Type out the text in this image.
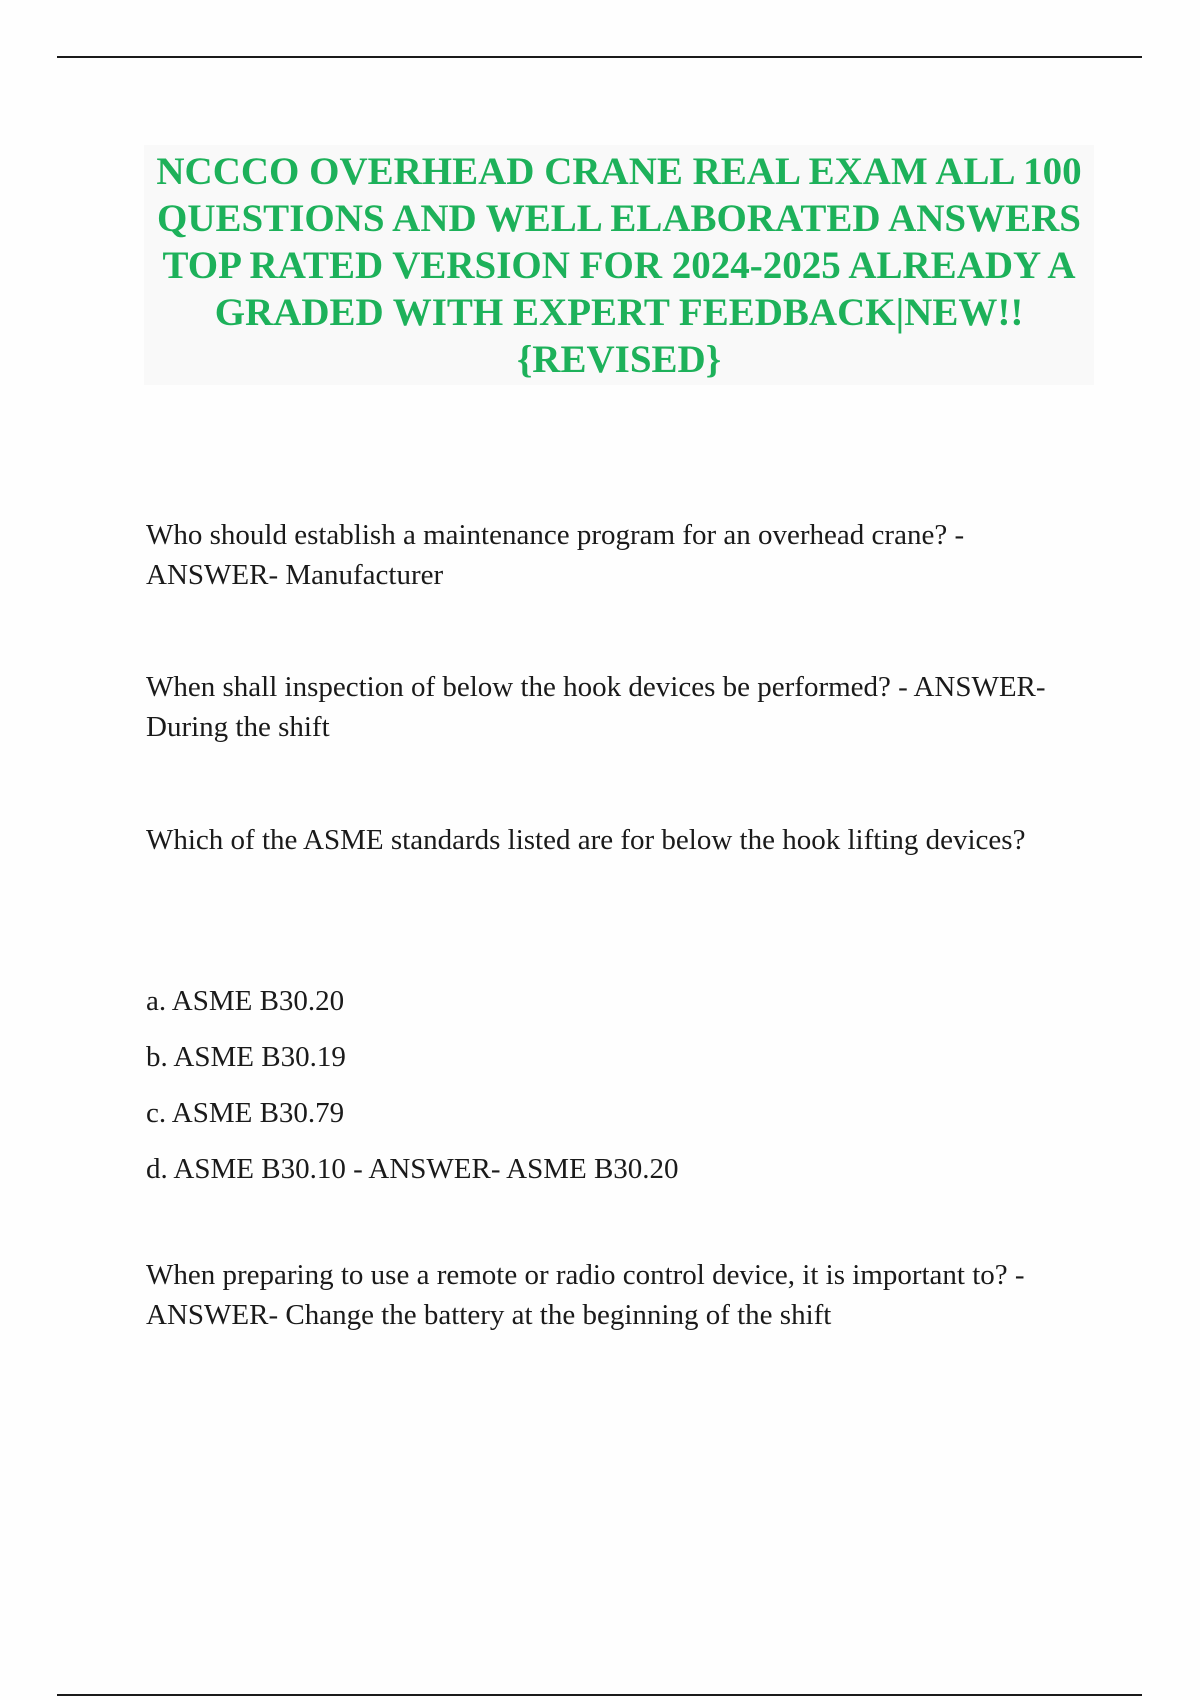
NCCCO OVERHEAD CRANE REAL EXAM ALL 100 QUESTIONS AND WELL ELABORATED ANSWERS TOP RATED VERSION FOR 2024-2025 ALREADY A GRADED WITH EXPERT FEEDBACK|NEW!!{REVISED}

Who should establish a maintenance program for an overhead crane? - ANSWER- Manufacturer

When shall inspection of below the hook devices be performed? - ANSWER- During the shift

Which of the ASME standards listed are for below the hook lifting devices?

a. ASME B30.20
b. ASME B30.19
c. ASME B30.79
d. ASME B30.10 - ANSWER- ASME B30.20

When preparing to use a remote or radio control device, it is important to? - ANSWER- Change the battery at the beginning of the shift
